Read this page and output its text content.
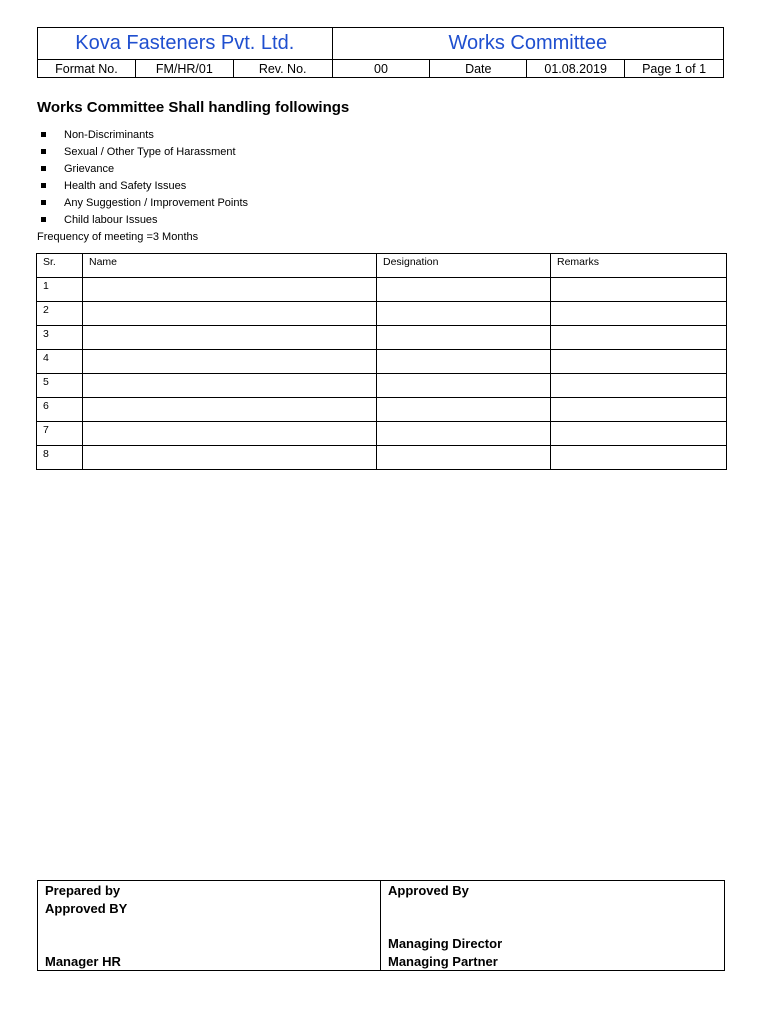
Kova Fasteners Pvt. Ltd.			Works Committee			
Format No.	FM/HR/01	Rev. No.	00	Date	01.08.2019	Page 1 of 1
Works Committee Shall handling followings
Non-Discriminants
Sexual / Other Type of Harassment
Grievance
Health and Safety Issues
Any Suggestion / Improvement Points
Child labour Issues
Frequency of meeting =3 Months
Sr.	Name	Designation	Remarks
1			
2			
3			
4			
5			
6			
7			
8			
Prepared by
Approved BY
Manager HR

Approved By
Managing Director
Managing Partner
